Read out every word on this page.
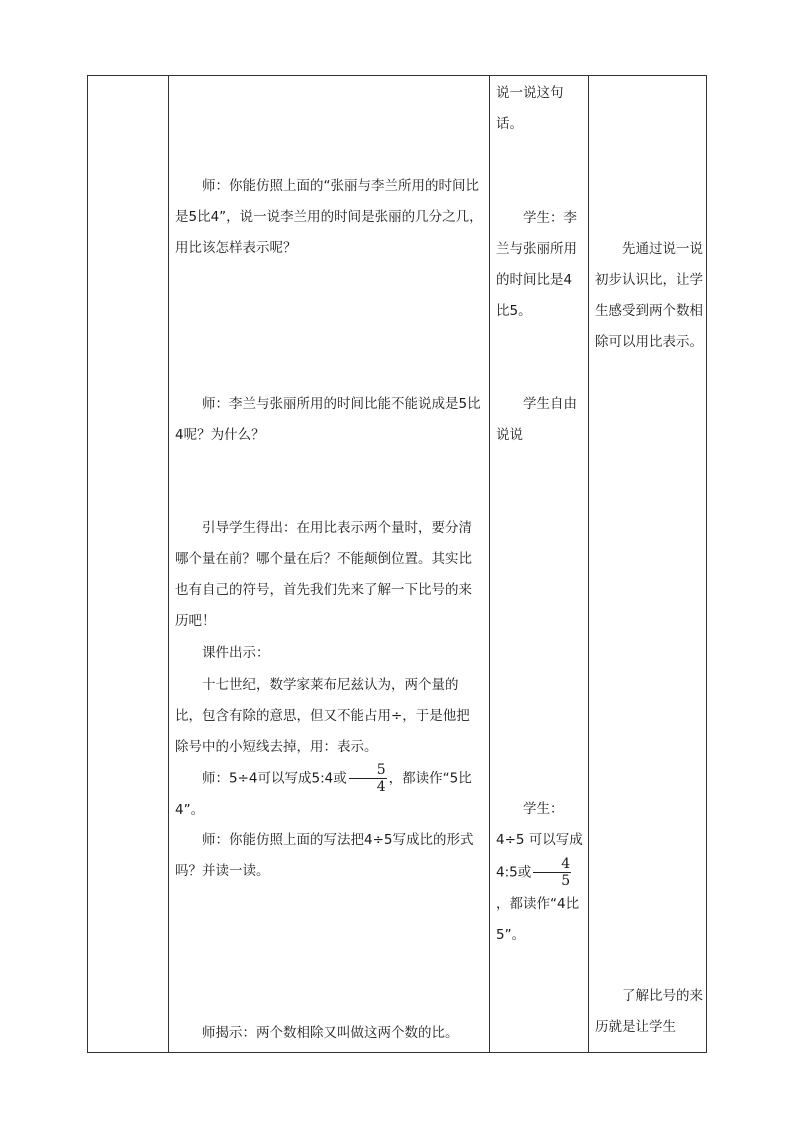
师：你能仿照上面的“张丽与李兰所用的时间比是5比4”，说一说李兰用的时间是张丽的几分之几，用比该怎样表示呢？

师：李兰与张丽所用的时间比能不能说成是5比4呢？为什么？

引导学生得出：在用比表示两个量时，要分清哪个量在前？哪个量在后？不能颠倒位置。其实比也有自己的符号，首先我们先来了解一下比号的来历吧！

课件出示：

十七世纪，数学家莱布尼兹认为，两个量的比，包含有除的意思，但又不能占用÷，于是他把除号中的小短线去掉，用：表示。

师：5÷4可以写成5:4或 $\frac{5}{4}$ ，都读作“5比4”。

师：你能仿照上面的写法把4÷5写成比的形式吗？并读一读。

师揭示：两个数相除又叫做这两个数的比。

说一说这句话。

学生：李兰与张丽所用的时间比是4比5。

学生自由说说

学生：4÷5 可以写成4:5或 $\frac{4}{5}$
，都读作“4比5”。

先通过说一说初步认识比，让学生感受到两个数相除可以用比表示。

了解比号的来历就是让学生
